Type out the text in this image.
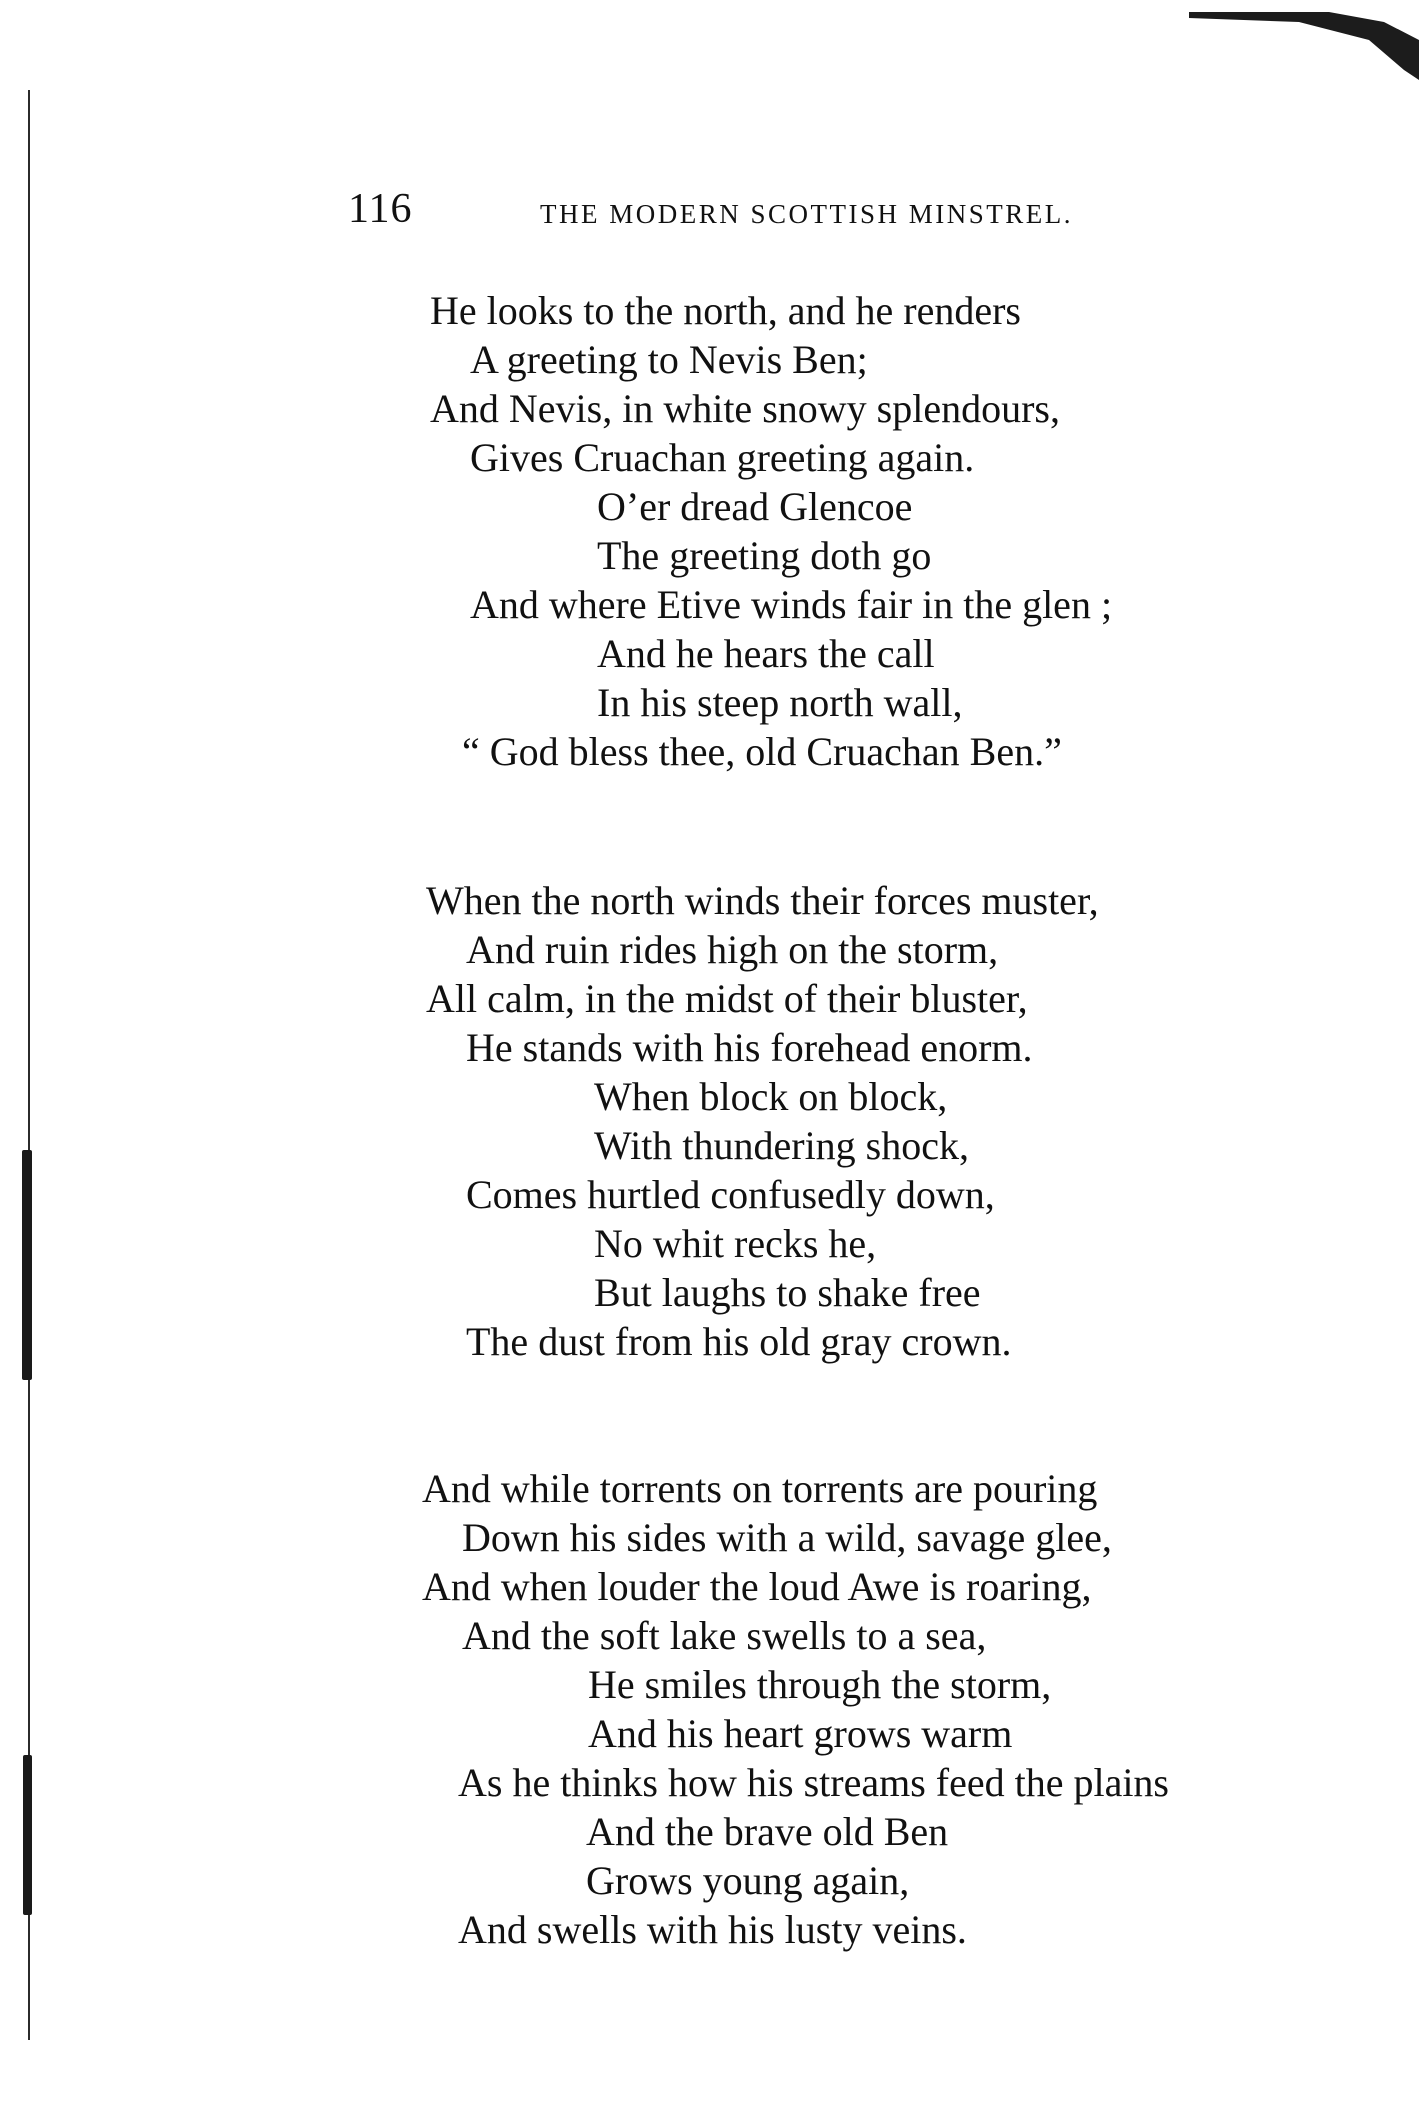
116	THE MODERN SCOTTISH MINSTREL.
He looks to the north, and he renders
A greeting to Nevis Ben;
And Nevis, in white snowy splendours,
Gives Cruachan greeting again.
O’er dread Glencoe
The greeting doth go
And where Etive winds fair in the glen ;
And he hears the call
In his steep north wall,
“ God bless thee, old Cruachan Ben.”
When the north winds their forces muster,
And ruin rides high on the storm,
All calm, in the midst of their bluster,
He stands with his forehead enorm.
When block on block,
With thundering shock,
Comes hurtled confusedly down,
No whit recks he,
But laughs to shake free
The dust from his old gray crown.
And while torrents on torrents are pouring
Down his sides with a wild, savage glee,
And when louder the loud Awe is roaring,
And the soft lake swells to a sea,
He smiles through the storm,
And his heart grows warm
As he thinks how his streams feed the plains
And the brave old Ben
Grows young again,
And swells with his lusty veins.
